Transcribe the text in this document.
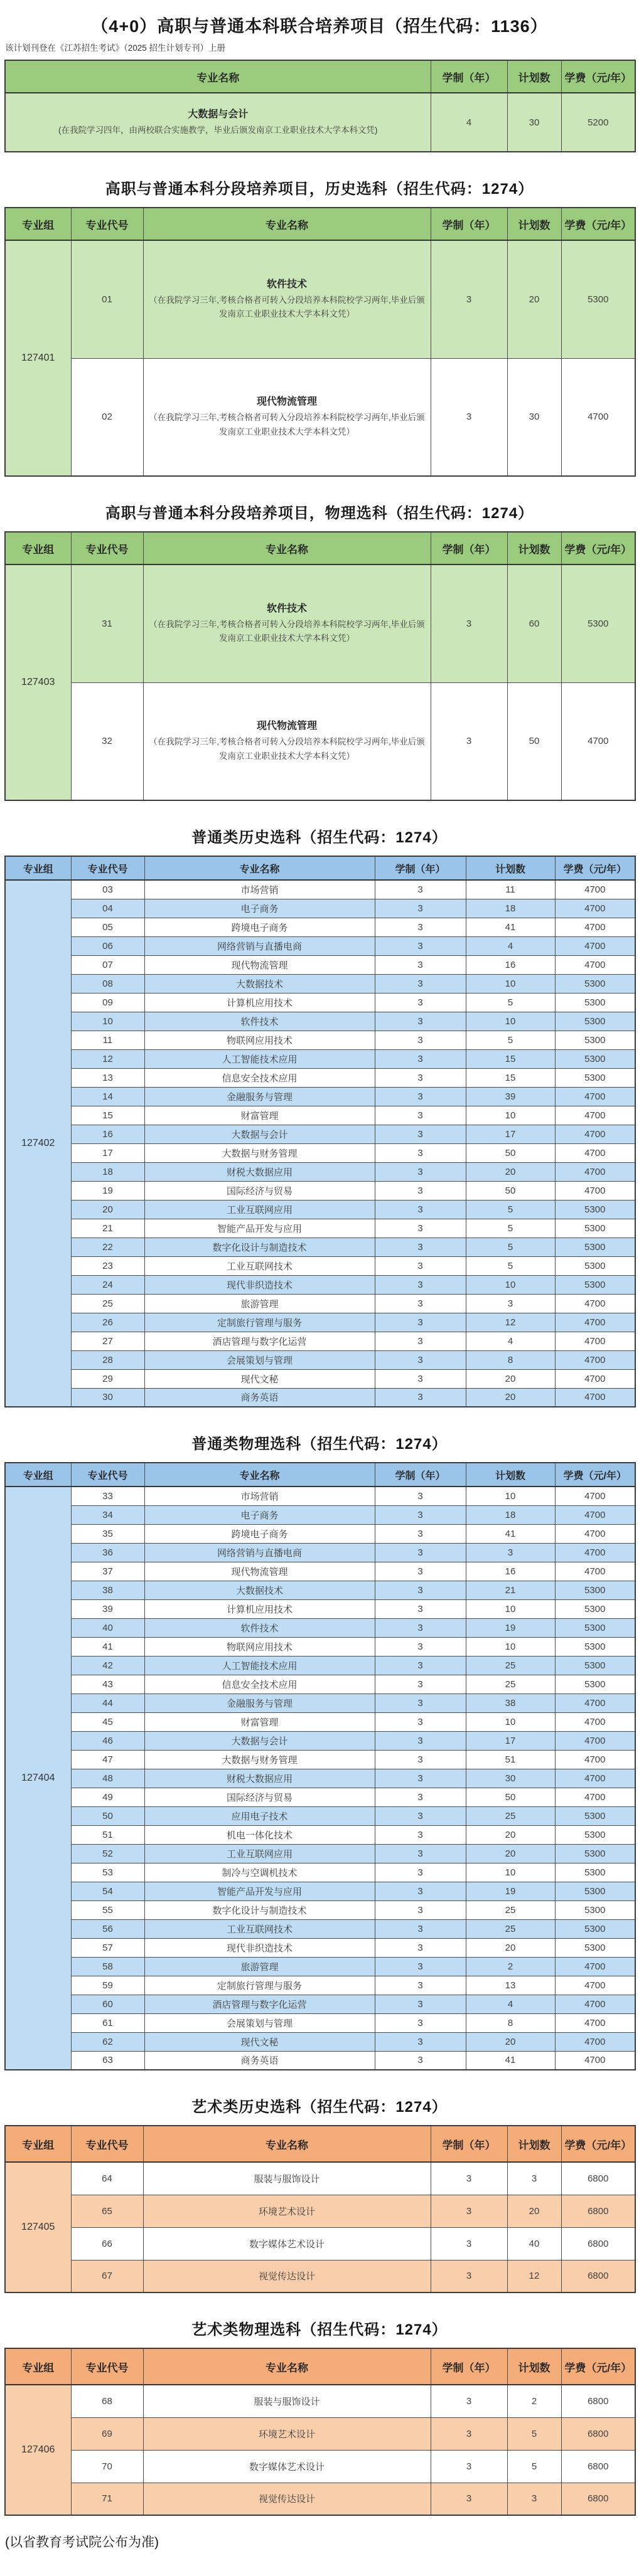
（4+0）高职与普通本科联合培养项目（招生代码：1136）
该计划刊登在《江苏招生考试》（2025 招生计划专刊）上册
专业名称	学制（年）	计划数	学费（元/年）

大数据与会计
(在我院学习四年，由两校联合实施教学，毕业后颁发南京工业职业技术大学本科文凭)	4	30	5200
高职与普通本科分段培养项目，历史选科（招生代码：1274）
专业组	专业代号	专业名称	学制（年）	计划数	学费（元/年）
127401	01	软件技术
（在我院学习三年,考核合格者可转入分段培养本科院校学习两年,毕业后颁发南京工业职业技术大学本科文凭）	3	20	5300
	02	现代物流管理
（在我院学习三年,考核合格者可转入分段培养本科院校学习两年,毕业后颁发南京工业职业技术大学本科文凭）	3	30	4700
高职与普通本科分段培养项目，物理选科（招生代码：1274）
专业组	专业代号	专业名称	学制（年）	计划数	学费（元/年）
127403	31	软件技术
（在我院学习三年,考核合格者可转入分段培养本科院校学习两年,毕业后颁发南京工业职业技术大学本科文凭）	3	60	5300
	32	现代物流管理
（在我院学习三年,考核合格者可转入分段培养本科院校学习两年,毕业后颁发南京工业职业技术大学本科文凭）	3	50	4700
普通类历史选科（招生代码：1274）
专业组	专业代号	专业名称	学制（年）	计划数	学费（元/年）
127402	03	市场营销	3	11	4700
	04	电子商务	3	18	4700
	05	跨境电子商务	3	41	4700
	06	网络营销与直播电商	3	4	4700
	07	现代物流管理	3	16	4700
	08	大数据技术	3	10	5300
	09	计算机应用技术	3	5	5300
	10	软件技术	3	10	5300
	11	物联网应用技术	3	5	5300
	12	人工智能技术应用	3	15	5300
	13	信息安全技术应用	3	15	5300
	14	金融服务与管理	3	39	4700
	15	财富管理	3	10	4700
	16	大数据与会计	3	17	4700
	17	大数据与财务管理	3	50	4700
	18	财税大数据应用	3	20	4700
	19	国际经济与贸易	3	50	4700
	20	工业互联网应用	3	5	5300
	21	智能产品开发与应用	3	5	5300
	22	数字化设计与制造技术	3	5	5300
	23	工业互联网技术	3	5	5300
	24	现代非织造技术	3	10	5300
	25	旅游管理	3	3	4700
	26	定制旅行管理与服务	3	12	4700
	27	酒店管理与数字化运营	3	4	4700
	28	会展策划与管理	3	8	4700
	29	现代文秘	3	20	4700
	30	商务英语	3	20	4700
普通类物理选科（招生代码：1274）
专业组	专业代号	专业名称	学制（年）	计划数	学费（元/年）
127404	33	市场营销	3	10	4700
	34	电子商务	3	18	4700
	35	跨境电子商务	3	41	4700
	36	网络营销与直播电商	3	3	4700
	37	现代物流管理	3	16	4700
	38	大数据技术	3	21	5300
	39	计算机应用技术	3	10	5300
	40	软件技术	3	19	5300
	41	物联网应用技术	3	10	5300
	42	人工智能技术应用	3	25	5300
	43	信息安全技术应用	3	25	5300
	44	金融服务与管理	3	38	4700
	45	财富管理	3	10	4700
	46	大数据与会计	3	17	4700
	47	大数据与财务管理	3	51	4700
	48	财税大数据应用	3	30	4700
	49	国际经济与贸易	3	50	4700
	50	应用电子技术	3	25	5300
	51	机电一体化技术	3	20	5300
	52	工业互联网应用	3	20	5300
	53	制冷与空调机技术	3	10	5300
	54	智能产品开发与应用	3	19	5300
	55	数字化设计与制造技术	3	25	5300
	56	工业互联网技术	3	25	5300
	57	现代非织造技术	3	20	5300
	58	旅游管理	3	2	4700
	59	定制旅行管理与服务	3	13	4700
	60	酒店管理与数字化运营	3	4	4700
	61	会展策划与管理	3	8	4700
	62	现代文秘	3	20	4700
	63	商务英语	3	41	4700
艺术类历史选科（招生代码：1274）
专业组	专业代号	专业名称	学制（年）	计划数	学费（元/年）
127405	64	服装与服饰设计	3	3	6800
	65	环境艺术设计	3	20	6800
	66	数字媒体艺术设计	3	40	6800
	67	视觉传达设计	3	12	6800
艺术类物理选科（招生代码：1274）
专业组	专业代号	专业名称	学制（年）	计划数	学费（元/年）
127406	68	服装与服饰设计	3	2	6800
	69	环境艺术设计	3	5	6800
	70	数字媒体艺术设计	3	5	6800
	71	视觉传达设计	3	3	6800
(以省教育考试院公布为准)
